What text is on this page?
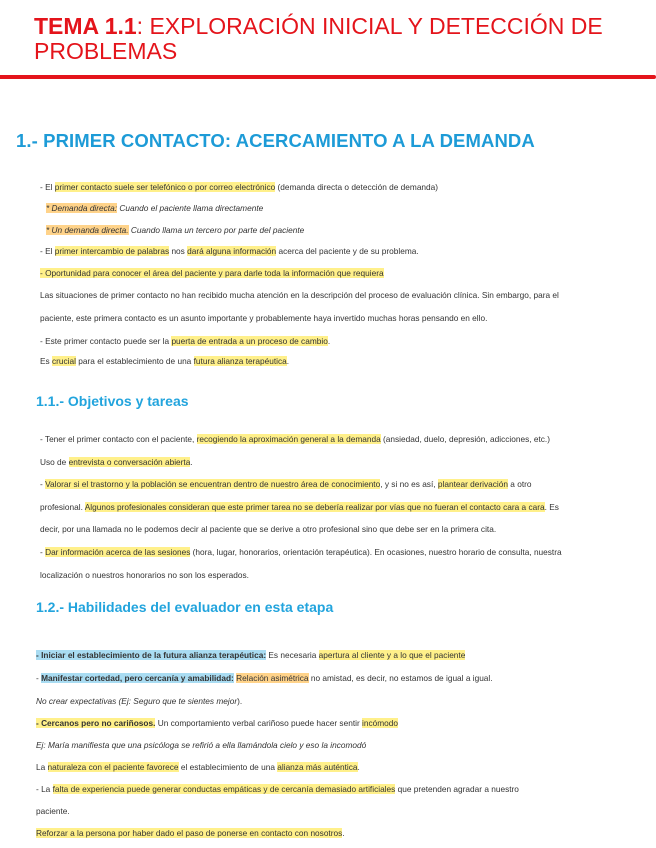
TEMA 1.1: EXPLORACIÓN INICIAL Y DETECCIÓN DE PROBLEMAS
1.- PRIMER CONTACTO: ACERCAMIENTO A LA DEMANDA
- El primer contacto suele ser telefónico o por correo electrónico (demanda directa o detección de demanda)
* Demanda directa: Cuando el paciente llama directamente
* Un demanda directa. Cuando llama un tercero por parte del paciente
- El primer intercambio de palabras nos dará alguna información acerca del paciente y de su problema.
- Oportunidad para conocer el área del paciente y para darle toda la información que requiera
Las situaciones de primer contacto no han recibido mucha atención en la descripción del proceso de evaluación clínica. Sin embargo, para el
paciente, este primera contacto es un asunto importante y probablemente haya invertido muchas horas pensando en ello.
- Este primer contacto puede ser la puerta de entrada a un proceso de cambio.
Es crucial para el establecimiento de una futura alianza terapéutica.
1.1.- Objetivos y tareas
- Tener el primer contacto con el paciente, recogiendo la aproximación general a la demanda (ansiedad, duelo, depresión, adicciones, etc.)
Uso de entrevista o conversación abierta.
- Valorar si el trastorno y la población se encuentran dentro de nuestro área de conocimiento, y si no es así, plantear derivación a otro
profesional. Algunos profesionales consideran que este primer tarea no se debería realizar por vías que no fueran el contacto cara a cara. Es
decir, por una llamada no le podemos decir al paciente que se derive a otro profesional sino que debe ser en la primera cita.
- Dar información acerca de las sesiones (hora, lugar, honorarios, orientación terapéutica). En ocasiones, nuestro horario de consulta, nuestra
localización o nuestros honorarios no son los esperados.
1.2.- Habilidades del evaluador en esta etapa
- Iniciar el establecimiento de la futura alianza terapéutica: Es necesaria apertura al cliente y a lo que el paciente
- Manifestar cortedad, pero cercanía y amabilidad: Relación asimétrica no amistad, es decir, no estamos de igual a igual.
No crear expectativas (Ej: Seguro que te sientes mejor).
- Cercanos pero no cariñosos. Un comportamiento verbal cariñoso puede hacer sentir incómodo
Ej: María manifiesta que una psicóloga se refirió a ella llamándola cielo y eso la incomodó
La naturaleza con el paciente favorece el establecimiento de una alianza más auténtica.
- La falta de experiencia puede generar conductas empáticas y de cercanía demasiado artificiales que pretenden agradar a nuestro
paciente.
Reforzar a la persona por haber dado el paso de ponerse en contacto con nosotros.
